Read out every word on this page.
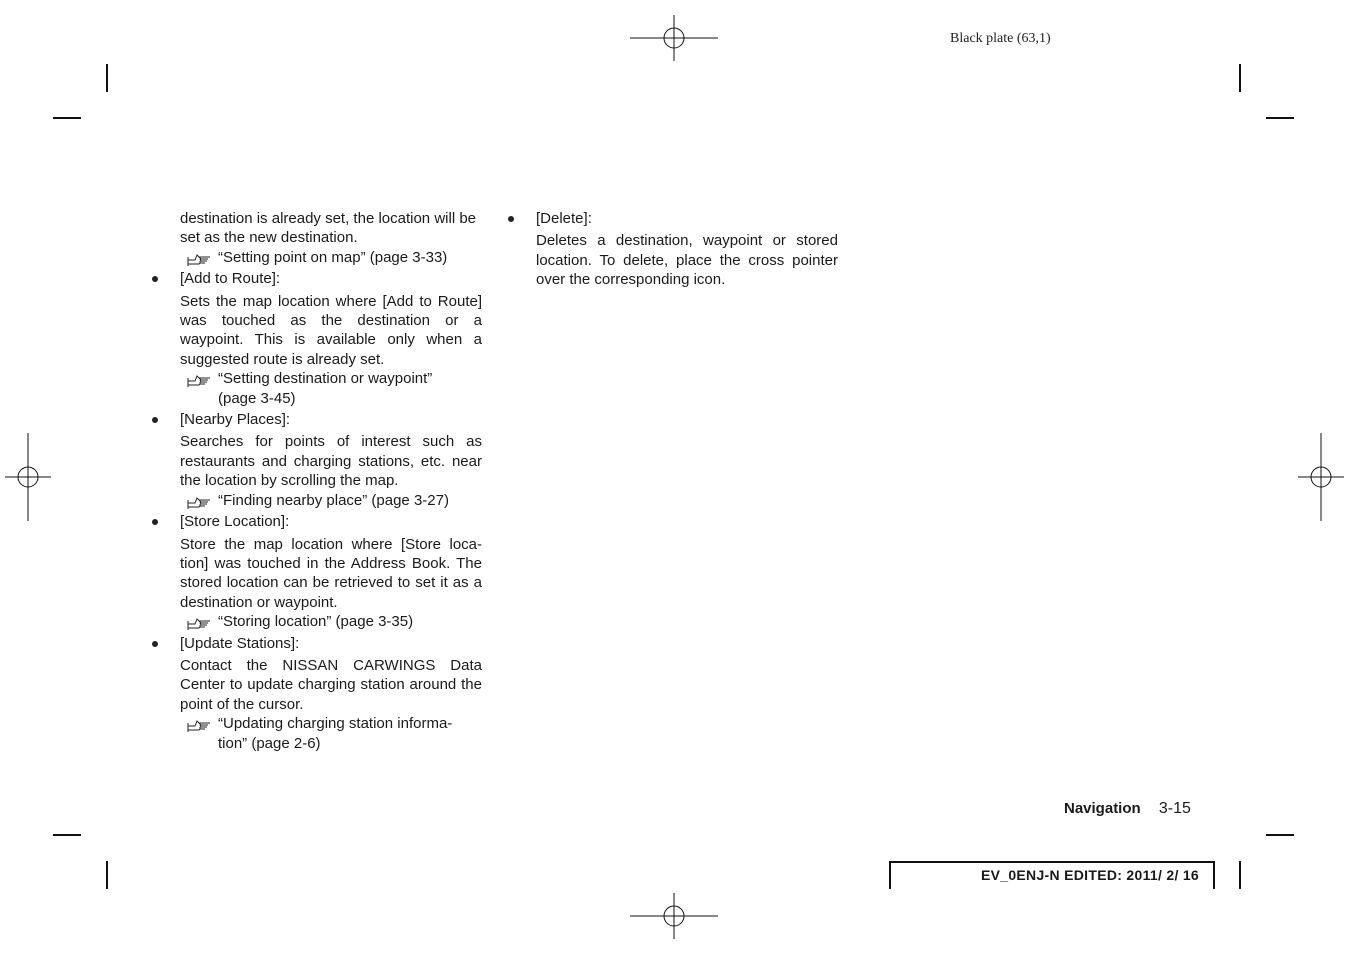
Black plate (63,1)

destination is already set, the location will be

set as the new destination.

“Setting point on map” (page 3-33)

[Add to Route]:

Sets the map location where [Add to Route] was touched as the destination or a waypoint. This is available only when a suggested route is already set.

“Setting destination or waypoint”
(page 3-45)

[Nearby Places]:

Searches for points of interest such as restaurants and charging stations, etc. near the location by scrolling the map.

“Finding nearby place” (page 3-27)

[Store Location]:

Store the map location where [Store loca-tion] was touched in the Address Book. The stored location can be retrieved to set it as a destination or waypoint.

“Storing location” (page 3-35)

[Update Stations]:

Contact the NISSAN CARWINGS Data Center to update charging station around the point of the cursor.

“Updating charging station informa-
tion” (page 2-6)

[Delete]:

Deletes a destination, waypoint or stored location. To delete, place the cross pointer over the corresponding icon.

Navigation 3-15
EV_0ENJ-N EDITED: 2011/ 2/ 16
